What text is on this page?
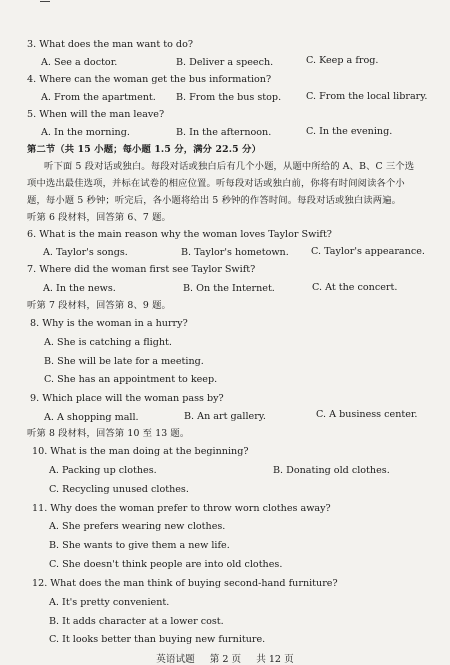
3. What does the man want to do?
A. See a doctor.	B. Deliver a speech.	C. Keep a frog.
4. Where can the woman get the bus information?
A. From the apartment. B. From the bus stop.	C. From the local library.
5. When will the man leave?
A. In the morning.	B. In the afternoon.	C. In the evening.
第二节（共 15 小题；每小题 1.5 分，满分 22.5 分）
听下面 5 段对话或独白。每段对话或独白后有几个小题，从题中所给的 A、B、C 三个选
项中选出最佳选项，并标在试卷的相应位置。听每段对话或独白前，你将有时间阅读各个小
题，每小题 5 秒钟；听完后，各小题将给出 5 秒钟的作答时间。每段对话或独白读两遍。
听第 6 段材料，回答第 6、7 题。
6. What is the main reason why the woman loves Taylor Swift?
A. Taylor's songs.	B. Taylor's hometown. C. Taylor's appearance.
7. Where did the woman first see Taylor Swift?
A. In the news.	B. On the Internet.	C. At the concert.
听第 7 段材料，回答第 8、9 题。
8. Why is the woman in a hurry?
A. She is catching a flight.
B. She will be late for a meeting.
C. She has an appointment to keep.
9. Which place will the woman pass by?
A. A shopping mall.	B. An art gallery.	C. A business center.
听第 8 段材料，回答第 10 至 13 题。
10. What is the man doing at the beginning?
A. Packing up clothes.	B. Donating old clothes.
C. Recycling unused clothes.
11. Why does the woman prefer to throw worn clothes away?
A. She prefers wearing new clothes.
B. She wants to give them a new life.
C. She doesn't think people are into old clothes.
12. What does the man think of buying second-hand furniture?
A. It's pretty convenient.
B. It adds character at a lower cost.
C. It looks better than buying new furniture.
英语试题 第 2 页 共 12 页
